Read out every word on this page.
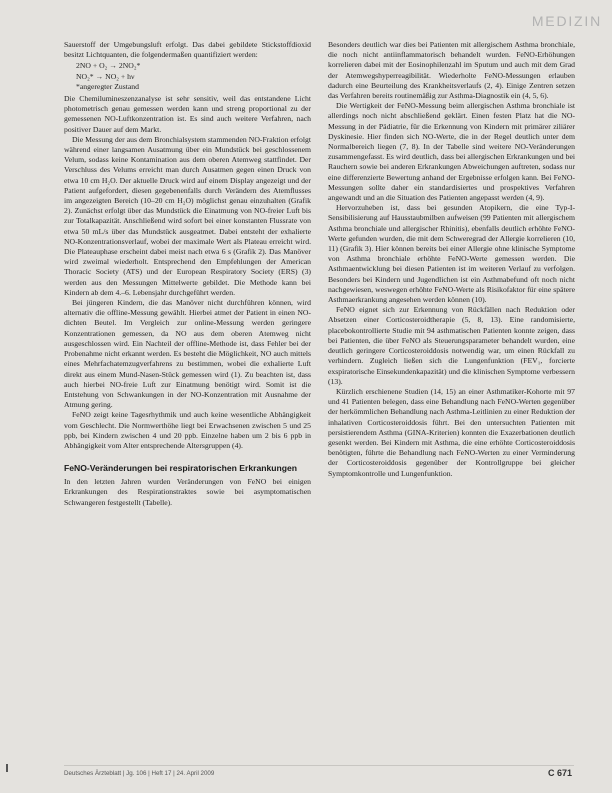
MEDIZIN

Sauerstoff der Umgebungsluft erfolgt. Das dabei gebildete Stickstoffdioxid besitzt Lichtquanten, die folgendermaßen quantifiziert werden:

2NO + O₂ → 2NO₂*
NO₂* → NO₂ + hν
*angeregter Zustand

Die Chemilumineszenzanalyse ist sehr sensitiv, weil das entstandene Licht photometrisch genau gemessen werden kann und streng proportional zu der gemessenen NO-Luftkonzentration ist. Es sind auch weitere Verfahren, nach positiver Dauer auf dem Markt.

Die Messung der aus dem Bronchialsystem stammenden NO-Fraktion erfolgt während einer langsamen Ausatmung über ein Mundstück bei geschlossenem Velum, sodass keine Kontamination aus dem oberen Atemweg stattfindet. Der Verschluss des Velums erreicht man durch Ausatmen gegen einen Druck von etwa 10 cm H₂O. Der aktuelle Druck wird auf einem Display angezeigt und der Patient aufgefordert, diesen gegebenenfalls durch Verändern des Atemflusses im angezeigten Bereich (10–20 cm H₂O) möglichst genau einzuhalten (Grafik 2). Zunächst erfolgt über das Mundstück die Einatmung von NO-freier Luft bis zur Totalkapazität. Anschließend wird sofort bei einer konstanten Flussrate von etwa 50 mL/s über das Mundstück ausgeatmet. Dabei entsteht der exhalierte NO-Konzentrationsverlauf, wobei der maximale Wert als Plateau erreicht wird. Die Plateauphase erscheint dabei meist nach etwa 6 s (Grafik 2). Das Manöver wird zweimal wiederholt. Entsprechend den Empfehlungen der American Thoracic Society (ATS) und der European Respiratory Society (ERS) (3) werden aus den Messungen Mittelwerte gebildet. Die Methode kann bei Kindern ab dem 4.–6. Lebensjahr durchgeführt werden.

Bei jüngeren Kindern, die das Manöver nicht durchführen können, wird alternativ die offline-Messung gewählt. Hierbei atmet der Patient in einen NO-dichten Beutel. Im Vergleich zur online-Messung werden geringere Konzentrationen gemessen, da NO aus dem oberen Atemweg nicht ausgeschlossen wird. Ein Nachteil der offline-Methode ist, dass Fehler bei der Probenahme nicht erkannt werden. Es besteht die Möglichkeit, NO auch mittels eines Mehrfachatemzugverfahrens zu bestimmen, wobei die exhalierte Luft direkt aus einem Mund-Nasen-Stück gemessen wird (1). Zu beachten ist, dass auch hierbei NO-freie Luft zur Einatmung benötigt wird. Somit ist die Entstehung von Schwankungen in der NO-Konzentration mit Ausnahme der Atmung gering.

FeNO zeigt keine Tagesrhythmik und auch keine wesentliche Abhängigkeit vom Geschlecht. Die Normwerthöhe liegt bei Erwachsenen zwischen 5 und 25 ppb, bei Kindern zwischen 4 und 20 ppb. Einzelne haben um 2 bis 6 ppb in Abhängigkeit vom Alter entsprechende Altersgruppen (4).

FeNO-Veränderungen bei respiratorischen Erkrankungen

In den letzten Jahren wurden Veränderungen von FeNO bei einigen Erkrankungen des Respirationstraktes sowie bei asymptomatischen Schwangeren festgestellt (Tabelle).

Besonders deutlich war dies bei Patienten mit allergischem Asthma bronchiale, die noch nicht antiinflammatorisch behandelt wurden. FeNO-Erhöhungen korrelieren dabei mit der Eosinophilenzahl im Sputum und auch mit dem Grad der Atemwegshyperreagibilität. Wiederholte FeNO-Messungen erlauben dadurch eine Beurteilung des Krankheitsverlaufs (2, 4). Einige Zentren setzen das Verfahren bereits routinemäßig zur Asthma-Diagnostik ein (4, 5, 6).

Die Wertigkeit der FeNO-Messung beim allergischen Asthma bronchiale ist allerdings noch nicht abschließend geklärt. Einen festen Platz hat die NO-Messung in der Pädiatrie, für die Erkennung von Kindern mit primärer ziliärer Dyskinesie. Hier finden sich NO-Werte, die in der Regel deutlich unter dem Normalbereich liegen (7, 8). In der Tabelle sind weitere NO-Veränderungen zusammengefasst. Es wird deutlich, dass bei allergischen Erkrankungen und bei Rauchern sowie bei anderen Erkrankungen Abweichungen auftreten, sodass nur eine differenzierte Bewertung anhand der Ergebnisse erfolgen kann. Bei FeNO-Messungen sollte daher ein standardisiertes und prospektives Verfahren angewandt und an die Situation des Patienten angepasst werden (4, 9).

Hervorzuheben ist, dass bei gesunden Atopikern, die eine Typ-I-Sensibilisierung auf Hausstaubmilben aufweisen (99 Patienten mit allergischem Asthma bronchiale und allergischer Rhinitis), ebenfalls deutlich erhöhte FeNO-Werte gefunden wurden, die mit dem Schweregrad der Allergie korrelieren (10, 11) (Grafik 3). Hier können bereits bei einer Allergie ohne klinische Symptome von Asthma bronchiale erhöhte FeNO-Werte gemessen werden. Die Asthmaentwicklung bei diesen Patienten ist im weiteren Verlauf zu verfolgen. Besonders bei Kindern und Jugendlichen ist ein Asthmabefund oft noch nicht nachgewiesen, weswegen erhöhte FeNO-Werte als Risikofaktor für eine spätere Asthmaerkrankung angesehen werden können (10).

FeNO eignet sich zur Erkennung von Rückfällen nach Reduktion oder Absetzen einer Corticosteroidtherapie (5, 8, 13). Eine randomisierte, placebokontrollierte Studie mit 94 asthmatischen Patienten konnte zeigen, dass bei Patienten, die über FeNO als Steuerungsparameter behandelt wurden, eine deutlich geringere Corticosteroiddosis notwendig war, um einen Rückfall zu verhindern. Zugleich ließen sich die Lungenfunktion (FEV₁, forcierte exspiratorische Einsekundenkapazität) und die klinischen Symptome verbessern (13).

Kürzlich erschienene Studien (14, 15) an einer Asthmatiker-Kohorte mit 97 und 41 Patienten belegen, dass eine Behandlung nach FeNO-Werten gegenüber der herkömmlichen Behandlung nach Asthma-Leitlinien zu einer Reduktion der inhalativen Corticosteroiddosis führt. Bei den untersuchten Patienten mit persistierendem Asthma (GINA-Kriterien) konnten die Exazerbationen deutlich gesenkt werden. Bei Kindern mit Asthma, die eine erhöhte Corticosteroiddosis benötigten, führte die Behandlung nach FeNO-Werten zu einer Verminderung der Corticosteroiddosis gegenüber der Kontrollgruppe bei gleicher Symptomkontrolle und Lungenfunktion.

Deutsches Ärzteblatt | Jg. 106 | Heft 17 | 24. April 2009	C 671
